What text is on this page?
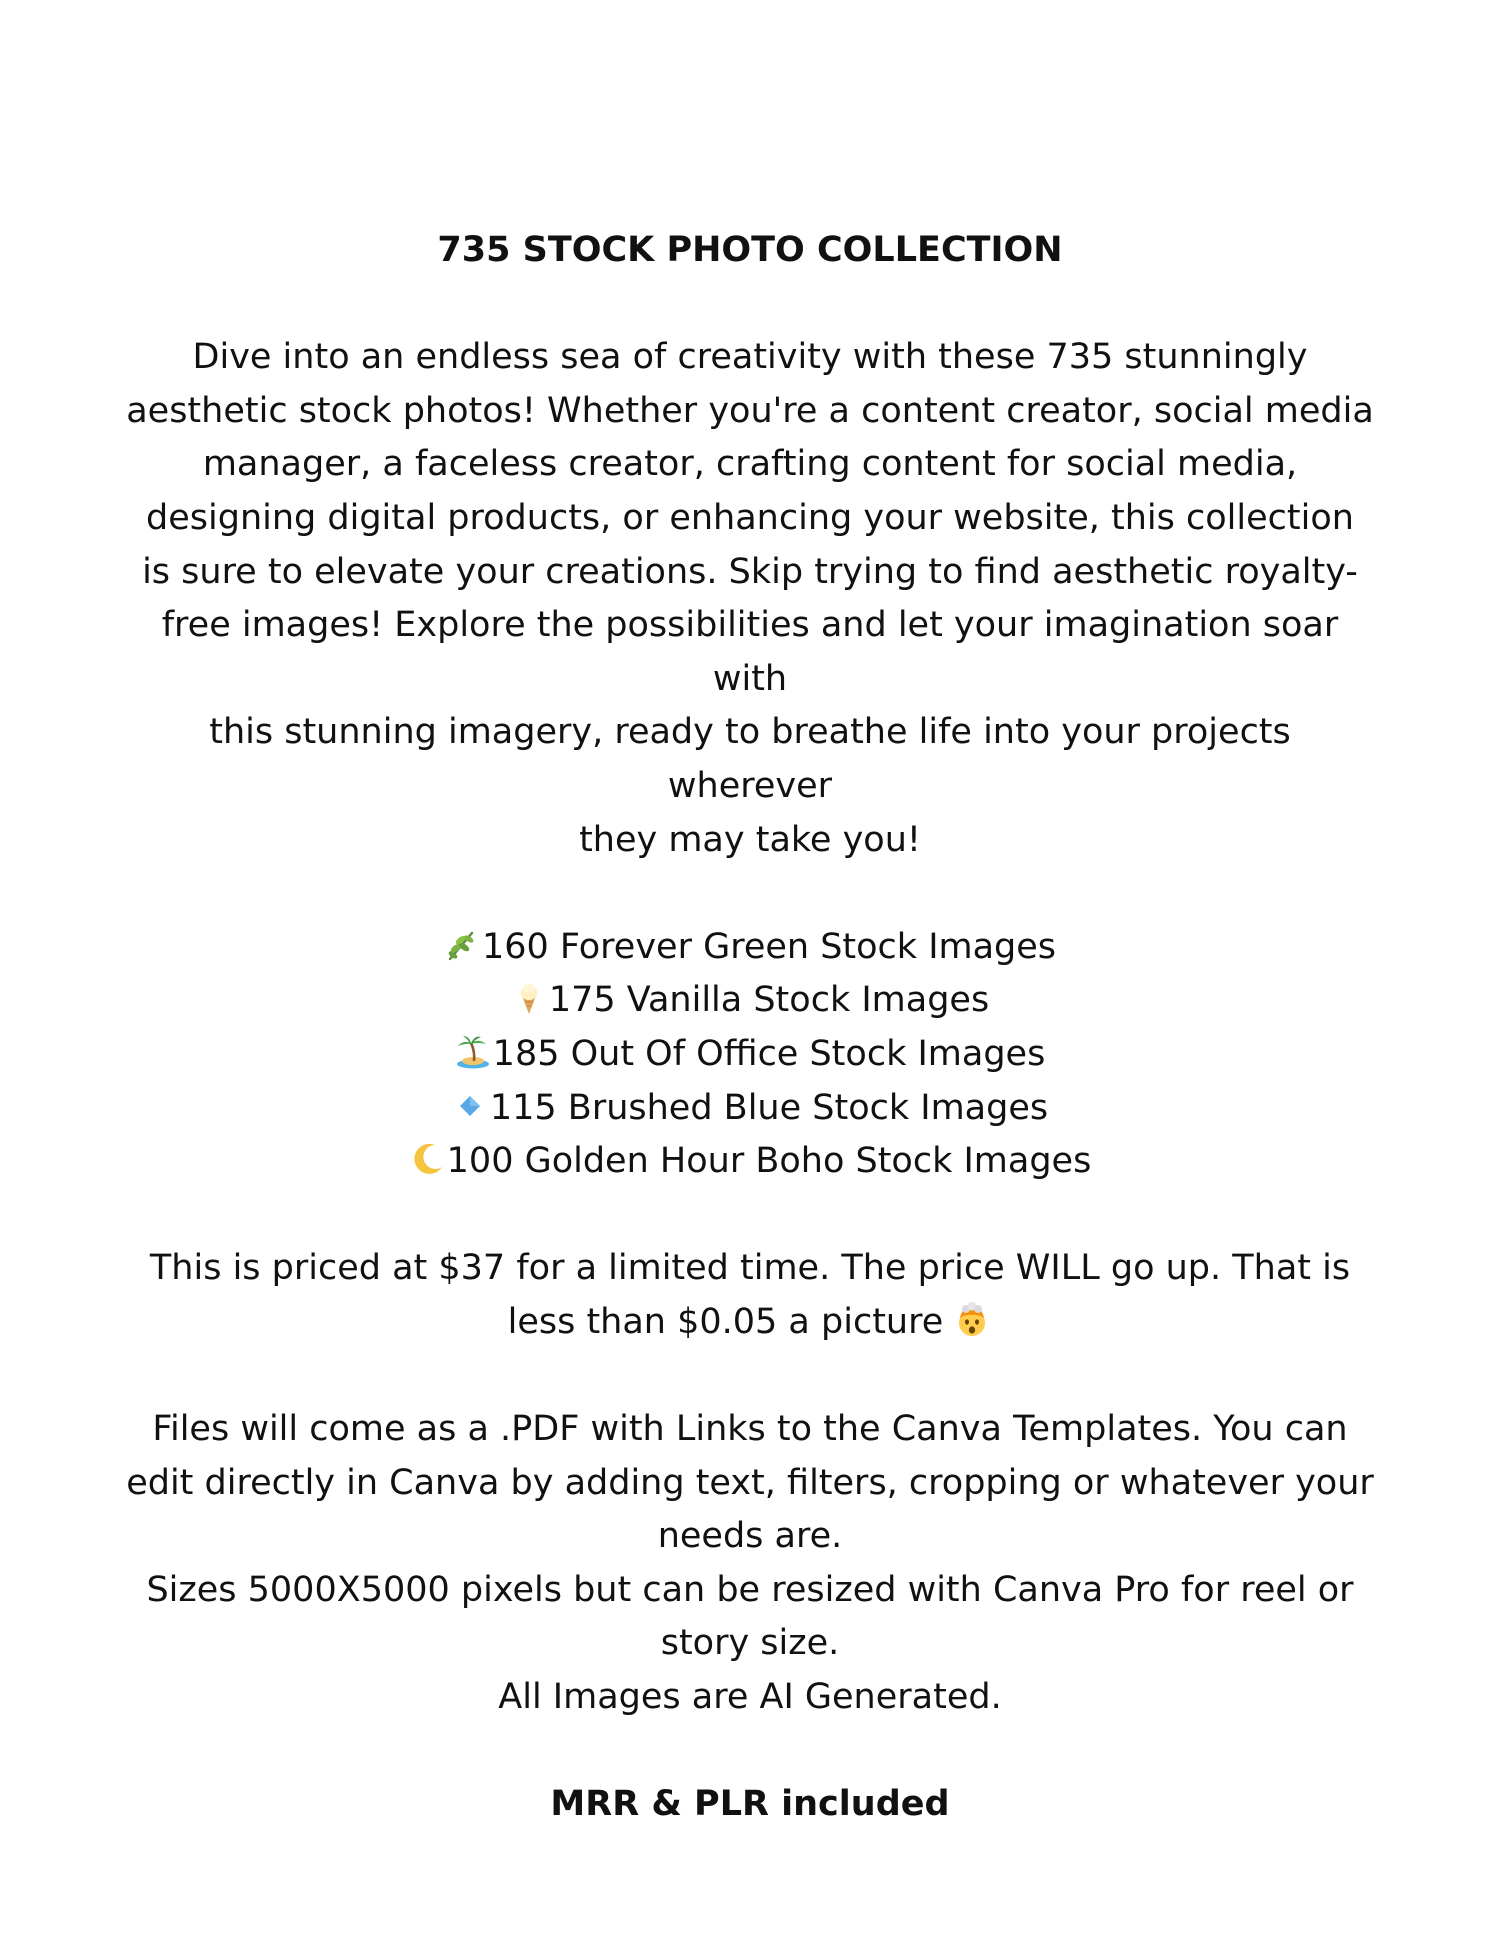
735 STOCK PHOTO COLLECTION

Dive into an endless sea of creativity with these 735 stunningly
aesthetic stock photos! Whether you're a content creator, social media
manager, a faceless creator, crafting content for social media,
designing digital products, or enhancing your website, this collection
is sure to elevate your creations. Skip trying to find aesthetic royalty-
free images! Explore the possibilities and let your imagination soar with
this stunning imagery, ready to breathe life into your projects wherever
they may take you!

160 Forever Green Stock Images
175 Vanilla Stock Images
185 Out Of Office Stock Images
115 Brushed Blue Stock Images
100 Golden Hour Boho Stock Images

This is priced at $37 for a limited time. The price WILL go up. That is
less than $0.05 a picture

Files will come as a .PDF with Links to the Canva Templates. You can
edit directly in Canva by adding text, filters, cropping or whatever your
needs are.
Sizes 5000X5000 pixels but can be resized with Canva Pro for reel or
story size.
All Images are AI Generated.

MRR & PLR included
